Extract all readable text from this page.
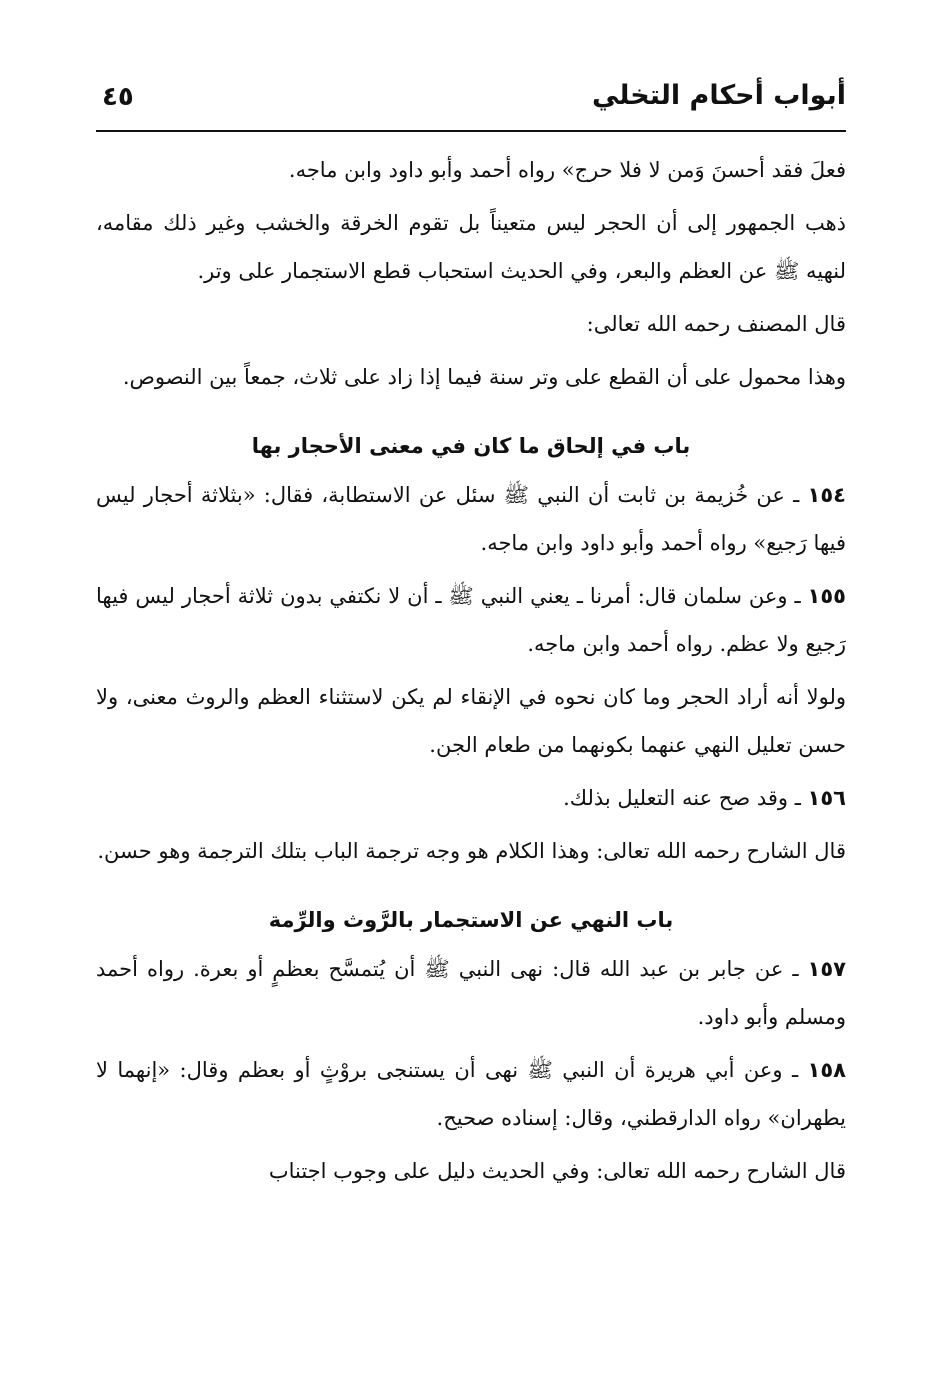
أبواب أحكام التخلي
٤٥

فعلَ فقد أحسنَ وَمن لا فلا حرج» رواه أحمد وأبو داود وابن ماجه.

ذهب الجمهور إلى أن الحجر ليس متعيناً بل تقوم الخرقة والخشب وغير ذلك مقامه، لنهيه ﷺ عن العظم والبعر، وفي الحديث استحباب قطع الاستجمار على وتر.

قال المصنف رحمه الله تعالى:

وهذا محمول على أن القطع على وتر سنة فيما إذا زاد على ثلاث، جمعاً بين النصوص.

باب في إلحاق ما كان في معنى الأحجار بها

١٥٤ ـ عن خُزيمة بن ثابت أن النبي ﷺ سئل عن الاستطابة، فقال: «بثلاثة أحجار ليس فيها رَجيع» رواه أحمد وأبو داود وابن ماجه.

١٥٥ ـ وعن سلمان قال: أمرنا ـ يعني النبي ﷺ ـ أن لا نكتفي بدون ثلاثة أحجار ليس فيها رَجيع ولا عظم. رواه أحمد وابن ماجه.

ولولا أنه أراد الحجر وما كان نحوه في الإنقاء لم يكن لاستثناء العظم والروث معنى، ولا حسن تعليل النهي عنهما بكونهما من طعام الجن.

١٥٦ ـ وقد صح عنه التعليل بذلك.

قال الشارح رحمه الله تعالى: وهذا الكلام هو وجه ترجمة الباب بتلك الترجمة وهو حسن.

باب النهي عن الاستجمار بالرَّوث والرِّمة

١٥٧ ـ عن جابر بن عبد الله قال: نهى النبي ﷺ أن يُتمسَّح بعظمٍ أو بعرة. رواه أحمد ومسلم وأبو داود.

١٥٨ ـ وعن أبي هريرة أن النبي ﷺ نهى أن يستنجى بروْثٍ أو بعظم وقال: «إنهما لا يطهران» رواه الدارقطني، وقال: إسناده صحيح.

قال الشارح رحمه الله تعالى: وفي الحديث دليل على وجوب اجتناب
